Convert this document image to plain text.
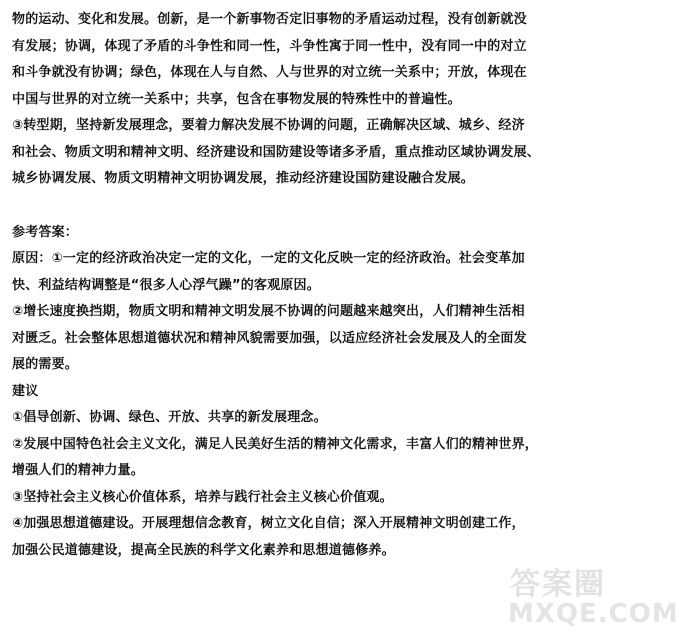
物的运动、变化和发展。创新，是一个新事物否定旧事物的矛盾运动过程，没有创新就没
有发展；协调，体现了矛盾的斗争性和同一性，斗争性寓于同一性中，没有同一中的对立
和斗争就没有协调；绿色，体现在人与自然、人与世界的对立统一关系中；开放，体现在
中国与世界的对立统一关系中；共享，包含在事物发展的特殊性中的普遍性。
③转型期，坚持新发展理念，要着力解决发展不协调的问题，正确解决区域、城乡、经济
和社会、物质文明和精神文明、经济建设和国防建设等诸多矛盾，重点推动区域协调发展、
城乡协调发展、物质文明精神文明协调发展，推动经济建设国防建设融合发展。
参考答案：
原因：①一定的经济政治决定一定的文化，一定的文化反映一定的经济政治。社会变革加
快、利益结构调整是“很多人心浮气躁”的客观原因。
②增长速度换挡期，物质文明和精神文明发展不协调的问题越来越突出，人们精神生活相
对匮乏。社会整体思想道德状况和精神风貌需要加强，以适应经济社会发展及人的全面发
展的需要。
建议
①倡导创新、协调、绿色、开放、共享的新发展理念。
②发展中国特色社会主义文化，满足人民美好生活的精神文化需求，丰富人们的精神世界，
增强人们的精神力量。
③坚持社会主义核心价值体系，培养与践行社会主义核心价值观。
④加强思想道德建设。开展理想信念教育，树立文化自信；深入开展精神文明创建工作，
加强公民道德建设，提高全民族的科学文化素养和思想道德修养。
答案圈
MXQE.COM
